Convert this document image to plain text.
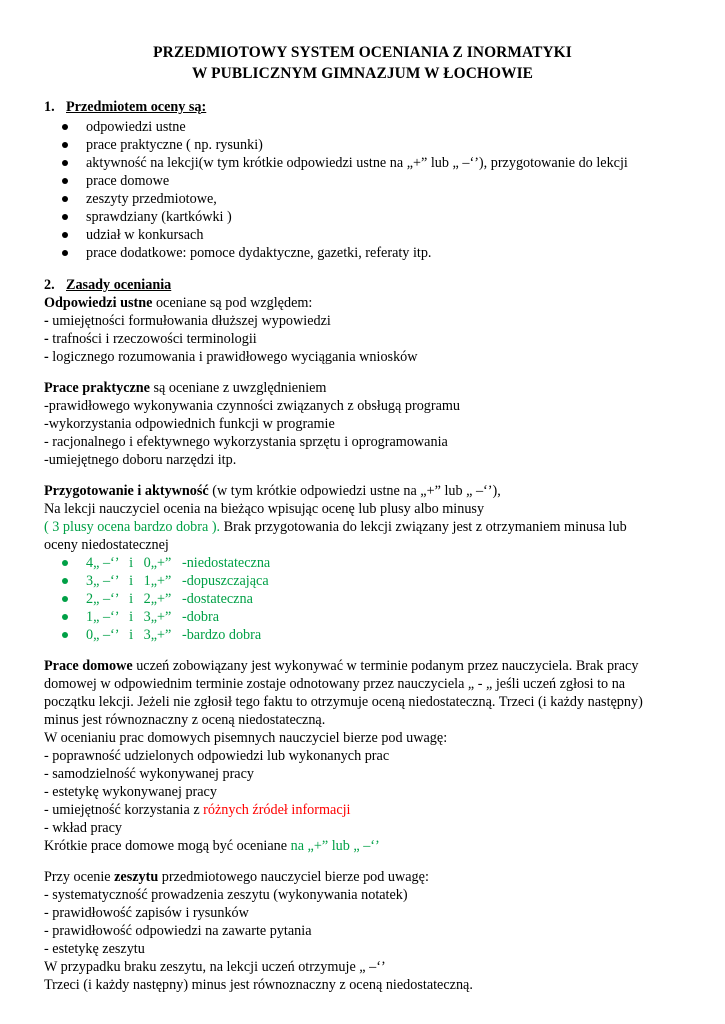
PRZEDMIOTOWY SYSTEM OCENIANIA Z INORMATYKI
W PUBLICZNYM GIMNAZJUM W ŁOCHOWIE
1. Przedmiotem oceny są:
odpowiedzi ustne
prace praktyczne ( np. rysunki)
aktywność na lekcji(w tym krótkie odpowiedzi ustne na „+” lub „ –‘’), przygotowanie do lekcji
prace domowe
zeszyty przedmiotowe,
sprawdziany (kartkówki )
udział w konkursach
prace dodatkowe: pomoce dydaktyczne, gazetki, referaty itp.
2. Zasady oceniania
Odpowiedzi ustne oceniane są pod względem:
- umiejętności formułowania dłuższej wypowiedzi
- trafności i rzeczowości terminologii
- logicznego rozumowania i prawidłowego wyciągania wniosków
Prace praktyczne są oceniane z uwzględnieniem
-prawidłowego wykonywania czynności związanych z obsługą programu
-wykorzystania odpowiednich funkcji w programie
- racjonalnego i efektywnego wykorzystania sprzętu i oprogramowania
-umiejętnego doboru narzędzi itp.
Przygotowanie i aktywność (w tym krótkie odpowiedzi ustne na „+” lub „ –‘’),
Na lekcji nauczyciel ocenia na bieżąco wpisując ocenę lub plusy albo minusy
( 3 plusy ocena bardzo dobra ). Brak przygotowania do lekcji związany jest z otrzymaniem minusa lub
oceny niedostatecznej
4„ –‘’   i   0„+”   -niedostateczna
3„ –‘’   i   1„+”   -dopuszczająca
2„ –‘’   i   2„+”   -dostateczna
1„ –‘’   i   3„+”   -dobra
0„ –‘’   i   3„+”   -bardzo dobra
Prace domowe uczeń zobowiązany jest wykonywać w terminie podanym przez nauczyciela. Brak pracy
domowej w odpowiednim terminie zostaje odnotowany przez nauczyciela „ - „ jeśli uczeń zgłosi to na
początku lekcji. Jeżeli nie zgłosił tego faktu to otrzymuje oceną niedostateczną. Trzeci (i każdy następny)
minus jest równoznaczny z oceną niedostateczną.
W ocenianiu prac domowych pisemnych nauczyciel bierze pod uwagę:
- poprawność udzielonych odpowiedzi lub wykonanych prac
- samodzielność wykonywanej pracy
- estetykę wykonywanej pracy
- umiejętność korzystania z różnych źródeł informacji
- wkład pracy
Krótkie prace domowe mogą być oceniane na „+” lub „ –‘’
Przy ocenie zeszytu przedmiotowego nauczyciel bierze pod uwagę:
- systematyczność prowadzenia zeszytu (wykonywania notatek)
- prawidłowość zapisów i rysunków
- prawidłowość odpowiedzi na zawarte pytania
- estetykę zeszytu
W przypadku braku zeszytu, na lekcji uczeń otrzymuje „ –‘’
Trzeci (i każdy następny) minus jest równoznaczny z oceną niedostateczną.
